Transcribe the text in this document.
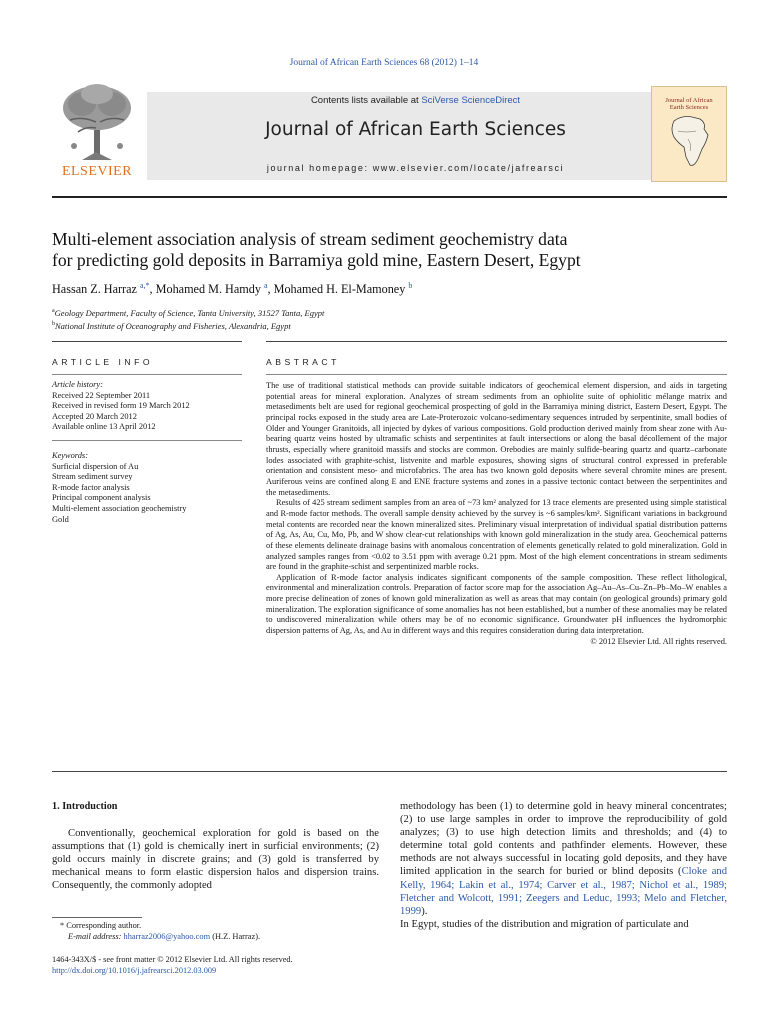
Journal of African Earth Sciences 68 (2012) 1–14
ELSEVIER
Contents lists available at SciVerse ScienceDirect
Journal of African Earth Sciences
journal homepage: www.elsevier.com/locate/jafrearsci
Journal of African
Earth Sciences
Multi-element association analysis of stream sediment geochemistry data
for predicting gold deposits in Barramiya gold mine, Eastern Desert, Egypt
Hassan Z. Harraz $^{a,*}$, Mohamed M. Hamdy $^a$, Mohamed H. El-Mamoney $^b$
$^a$Geology Department, Faculty of Science, Tanta University, 31527 Tanta, Egypt
$^b$National Institute of Oceanography and Fisheries, Alexandria, Egypt
ARTICLE INFO
Article history:
Received 22 September 2011
Received in revised form 19 March 2012
Accepted 20 March 2012
Available online 13 April 2012
Keywords:
Surficial dispersion of Au
Stream sediment survey
R-mode factor analysis
Principal component analysis
Multi-element association geochemistry
Gold
ABSTRACT

The use of traditional statistical methods can provide suitable indicators of geochemical element dispersion, and aids in targeting potential areas for mineral exploration. Analyzes of stream sediments from an ophiolite suite of ophiolitic mélange matrix and metasediments belt are used for regional geochemical prospecting of gold in the Barramiya mining district, Eastern Desert, Egypt. The principal rocks exposed in the study area are Late-Proterozoic volcano-sedimentary sequences intruded by serpentinite, small bodies of Older and Younger Granitoids, all injected by dykes of various compositions. Gold production derived mainly from shear zone with Au-bearing quartz veins hosted by ultramafic schists and serpentinites at fault intersections or along the basal décollement of the major thrusts, especially where granitoid massifs and stocks are common. Orebodies are mainly sulfide-bearing quartz and quartz–carbonate lodes associated with graphite-schist, listvenite and marble exposures, showing signs of structural control expressed in preferable orientation and consistent meso- and microfabrics. The area has two known gold deposits where several chromite mines are present. Auriferous veins are confined along E and ENE fracture systems and zones in a passive tectonic contact between the serpentinites and the metasediments.

Results of 425 stream sediment samples from an area of ~73 km² analyzed for 13 trace elements are presented using simple statistical and R-mode factor methods. The overall sample density achieved by the survey is ~6 samples/km². Significant variations in background metal contents are recorded near the known mineralized sites. Preliminary visual interpretation of individual spatial distribution patterns of Ag, As, Au, Cu, Mo, Pb, and W show clear-cut relationships with known gold mineralization in the study area. Geochemical patterns of these elements delineate drainage basins with anomalous concentration of elements genetically related to gold mineralization. Gold in analyzed samples ranges from <0.02 to 3.51 ppm with average 0.21 ppm. Most of the high element concentrations in stream sediments are found in the graphite-schist and serpentinized marble rocks.

Application of R-mode factor analysis indicates significant components of the sample composition. These reflect lithological, environmental and mineralization controls. Preparation of factor score map for the association Ag–Au–As–Cu–Zn–Pb–Mo–W enables a more precise delineation of zones of known gold mineralization as well as areas that may contain (on geological grounds) primary gold mineralization. The exploration significance of some anomalies has not been established, but a number of these anomalies may be related to undiscovered mineralization while others may be of no economic significance. Groundwater pH influences the hydromorphic dispersion patterns of Ag, As, and Au in different ways and this requires consideration during data interpretation.

© 2012 Elsevier Ltd. All rights reserved.

1. Introduction

Conventionally, geochemical exploration for gold is based on the assumptions that (1) gold is chemically inert in surficial environments; (2) gold occurs mainly in discrete grains; and (3) gold is transferred by mechanical means to form elastic dispersion halos and dispersion trains. Consequently, the commonly adopted

methodology has been (1) to determine gold in heavy mineral concentrates; (2) to use large samples in order to improve the reproducibility of gold analyzes; (3) to use high detection limits and thresholds; and (4) to determine total gold contents and pathfinder elements. However, these methods are not always successful in locating gold deposits, and they have limited application in the search for buried or blind deposits (Cloke and Kelly, 1964; Lakin et al., 1974; Carver et al., 1987; Nichol et al., 1989; Fletcher and Wolcott, 1991; Zeegers and Leduc, 1993; Melo and Fletcher, 1999).

In Egypt, studies of the distribution and migration of particulate and

* Corresponding author.
E-mail address: hharraz2006@yahoo.com (H.Z. Harraz).
1464-343X/$ - see front matter © 2012 Elsevier Ltd. All rights reserved.
http://dx.doi.org/10.1016/j.jafrearsci.2012.03.009
